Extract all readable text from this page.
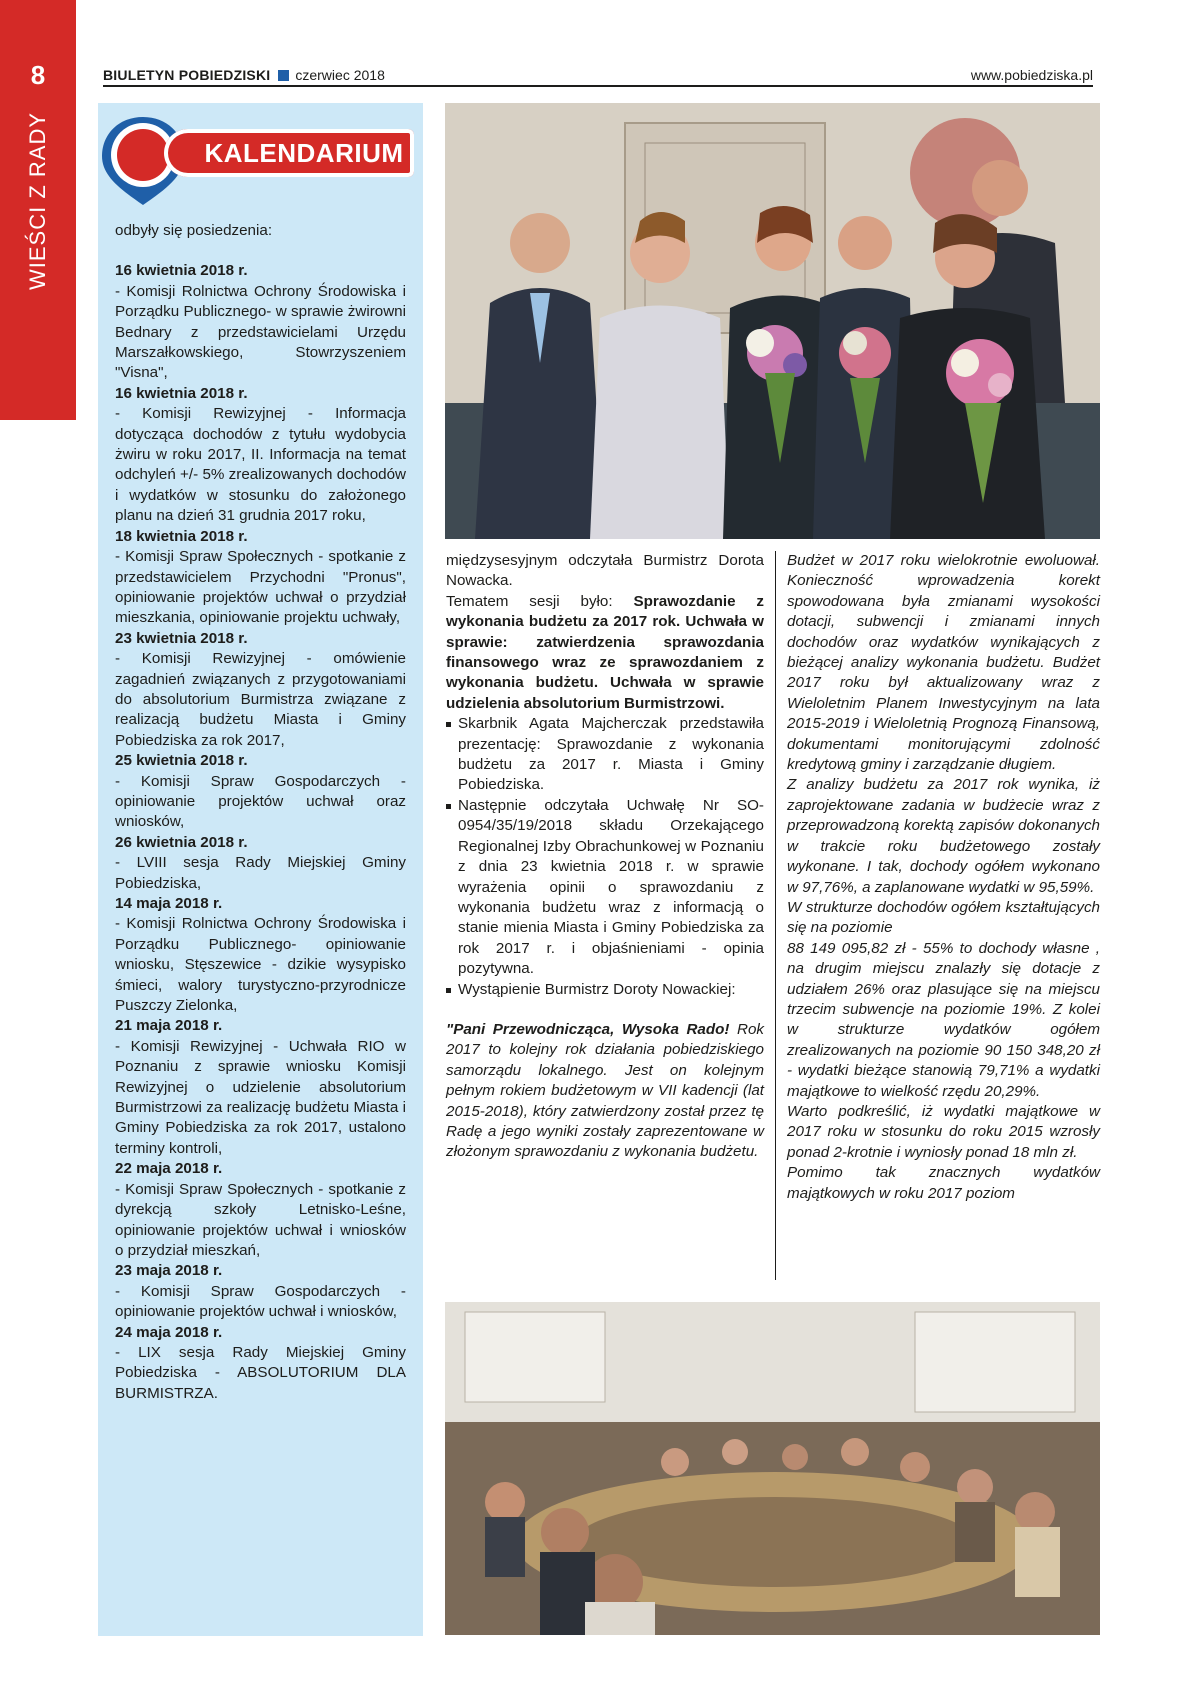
8
WIEŚCI Z RADY
BIULETYN POBIEDZISKI czerwiec 2018	www.pobiedziska.pl
KALENDARIUM

odbyły się posiedzenia:

16 kwietnia 2018 r.

- Komisji Rolnictwa Ochrony Środowiska i Porządku Publicznego- w sprawie żwirowni Bednary z przedstawicielami Urzędu Marszałkowskiego, Stowrzyszeniem "Visna",

16 kwietnia 2018 r.

- Komisji Rewizyjnej - Informacja dotycząca dochodów z tytułu wydobycia żwiru w roku 2017, II. Informacja na temat odchyleń +/- 5% zrealizowanych dochodów i wydatków w stosunku do założonego planu na dzień 31 grudnia 2017 roku,

18 kwietnia 2018 r.

- Komisji Spraw Społecznych - spotkanie z przedstawicielem Przychodni "Pronus", opiniowanie projektów uchwał o przydział mieszkania, opiniowanie projektu uchwały,

23 kwietnia 2018 r.

- Komisji Rewizyjnej - omówienie zagadnień związanych z przygotowaniami do absolutorium Burmistrza związane z realizacją budżetu Miasta i Gminy Pobiedziska za rok 2017,

25 kwietnia 2018 r.

- Komisji Spraw Gospodarczych - opiniowanie projektów uchwał oraz wniosków,

26 kwietnia 2018 r.

- LVIII sesja Rady Miejskiej Gminy Pobiedziska,

14 maja 2018 r.

- Komisji Rolnictwa Ochrony Środowiska i Porządku Publicznego- opiniowanie wniosku, Stęszewice - dzikie wysypisko śmieci, walory turystyczno-przyrodnicze Puszczy Zielonka,

21 maja 2018 r.

- Komisji Rewizyjnej - Uchwała RIO w Poznaniu z sprawie wniosku Komisji Rewizyjnej o udzielenie absolutorium Burmistrzowi za realizację budżetu Miasta i Gminy Pobiedziska za rok 2017, ustalono terminy kontroli,

22 maja 2018 r.

- Komisji Spraw Społecznych - spotkanie z dyrekcją szkoły Letnisko-Leśne, opiniowanie projektów uchwał i wniosków o przydział mieszkań,

23 maja 2018 r.

- Komisji Spraw Gospodarczych - opiniowanie projektów uchwał i wniosków,

24 maja 2018 r.

- LIX sesja Rady Miejskiej Gminy Pobiedziska - ABSOLUTORIUM DLA BURMISTRZA.

międzysesyjnym odczytała Burmistrz Dorota Nowacka.

Tematem sesji było: Sprawozdanie z wykonania budżetu za 2017 rok. Uchwała w sprawie: zatwierdzenia sprawozdania finansowego wraz ze sprawozdaniem z wykonania budżetu. Uchwała w sprawie udzielenia absolutorium Burmistrzowi.

Skarbnik Agata Majcherczak przedstawiła prezentację: Sprawozdanie z wykonania budżetu za 2017 r. Miasta i Gminy Pobiedziska.

Następnie odczytała Uchwałę Nr SO-0954/35/19/2018 składu Orzekającego Regionalnej Izby Obrachunkowej w Poznaniu z dnia 23 kwietnia 2018 r. w sprawie wyrażenia opinii o sprawozdaniu z wykonania budżetu wraz z informacją o stanie mienia Miasta i Gminy Pobiedziska za rok 2017 r. i objaśnieniami - opinia pozytywna.

Wystąpienie Burmistrz Doroty Nowackiej:

"Pani Przewodnicząca, Wysoka Rado! Rok 2017 to kolejny rok działania pobiedziskiego samorządu lokalnego. Jest on kolejnym pełnym rokiem budżetowym w VII kadencji (lat 2015-2018), który zatwierdzony został przez tę Radę a jego wyniki zostały zaprezentowane w złożonym sprawozdaniu z wykonania budżetu.

Budżet w 2017 roku wielokrotnie ewoluował. Konieczność wprowadzenia korekt spowodowana była zmianami wysokości dotacji, subwencji i zmianami innych dochodów oraz wydatków wynikających z bieżącej analizy wykonania budżetu. Budżet 2017 roku był aktualizowany wraz z Wieloletnim Planem Inwestycyjnym na lata 2015-2019 i Wieloletnią Prognozą Finansową, dokumentami monitorującymi zdolność kredytową gminy i zarządzanie długiem.

Z analizy budżetu za 2017 rok wynika, iż zaprojektowane zadania w budżecie wraz z przeprowadzoną korektą zapisów dokonanych w trakcie roku budżetowego zostały wykonane. I tak, dochody ogółem wykonano w 97,76%, a zaplanowane wydatki w 95,59%.

W strukturze dochodów ogółem kształtujących się na poziomie

88 149 095,82 zł - 55% to dochody własne , na drugim miejscu znalazły się dotacje z udziałem 26% oraz plasujące się na miejscu trzecim subwencje na poziomie 19%. Z kolei w strukturze wydatków ogółem zrealizowanych na poziomie 90 150 348,20 zł - wydatki bieżące stanowią 79,71% a wydatki majątkowe to wielkość rzędu 20,29%.

Warto podkreślić, iż wydatki majątkowe w 2017 roku w stosunku do roku 2015 wzrosły ponad 2-krotnie i wyniosły ponad 18 mln zł.

Pomimo tak znacznych wydatków majątkowych w roku 2017 poziom
